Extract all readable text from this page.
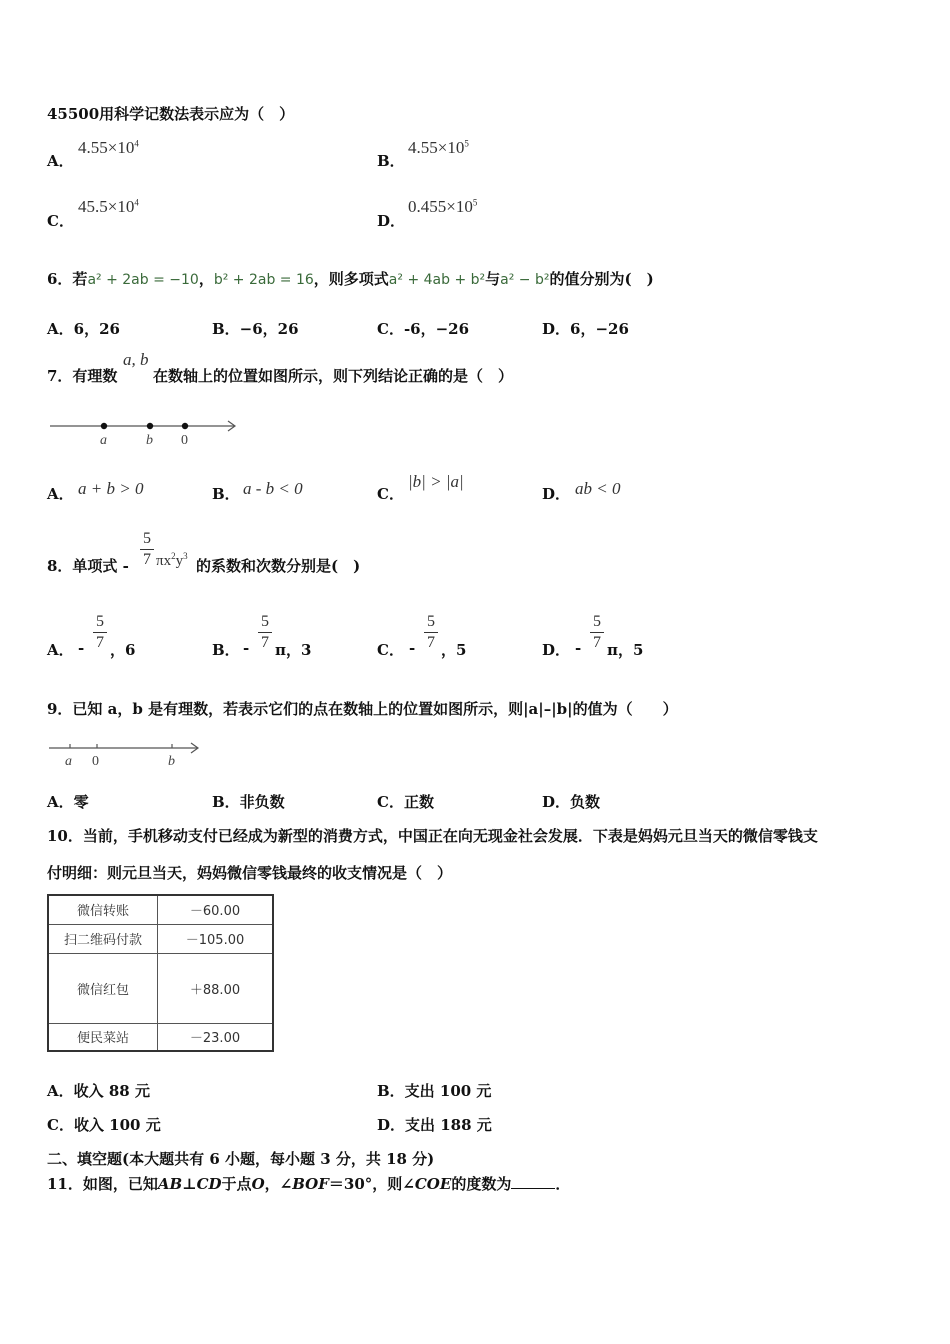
45500用科学记数法表示应为（　）
A．
$4.55\times 10^4$
B．
$4.55\times 10^5$
C．
$45.5\times 10^4$
D．
$0.455\times 10^5$
6．若a² + 2ab = −10，b² + 2ab = 16，则多项式a² + 4ab + b²与a² − b²的值分别为(　)
A．6，26	B．−6，26	C．-6，−26	D．6，−26
7．有理数
a, b
在数轴上的位置如图所示，则下列结论正确的是（　）
a	b 0
A． a + b > 0	B． a - b < 0	C．
|b| > |a|
D． ab < 0
8．单项式 -
5
7 $\pi x^2y^3$
的系数和次数分别是(　)
A． -
5
7 ，6	B． -
5
7 π，3	C． -
5
7 ，5	D． -
5
7 π，5
9．已知 a，b 是有理数，若表示它们的点在数轴上的位置如图所示，则|a|–|b|的值为（　　）
a 0	b
A．零	B．非负数	C．正数	D．负数
10．当前，手机移动支付已经成为新型的消费方式，中国正在向无现金社会发展．下表是妈妈元旦当天的微信零钱支
付明细：则元旦当天，妈妈微信零钱最终的收支情况是（　）
微信转账	－60.00
扫二维码付款	－105.00
微信红包	＋88.00
便民菜站	－23.00
A．收入 88 元	B．支出 100 元
C．收入 100 元	D．支出 188 元
二、填空题(本大题共有 6 小题，每小题 3 分，共 18 分)
11．如图，已知AB⊥CD于点O，∠BOF＝30°，则∠COE的度数为	．
